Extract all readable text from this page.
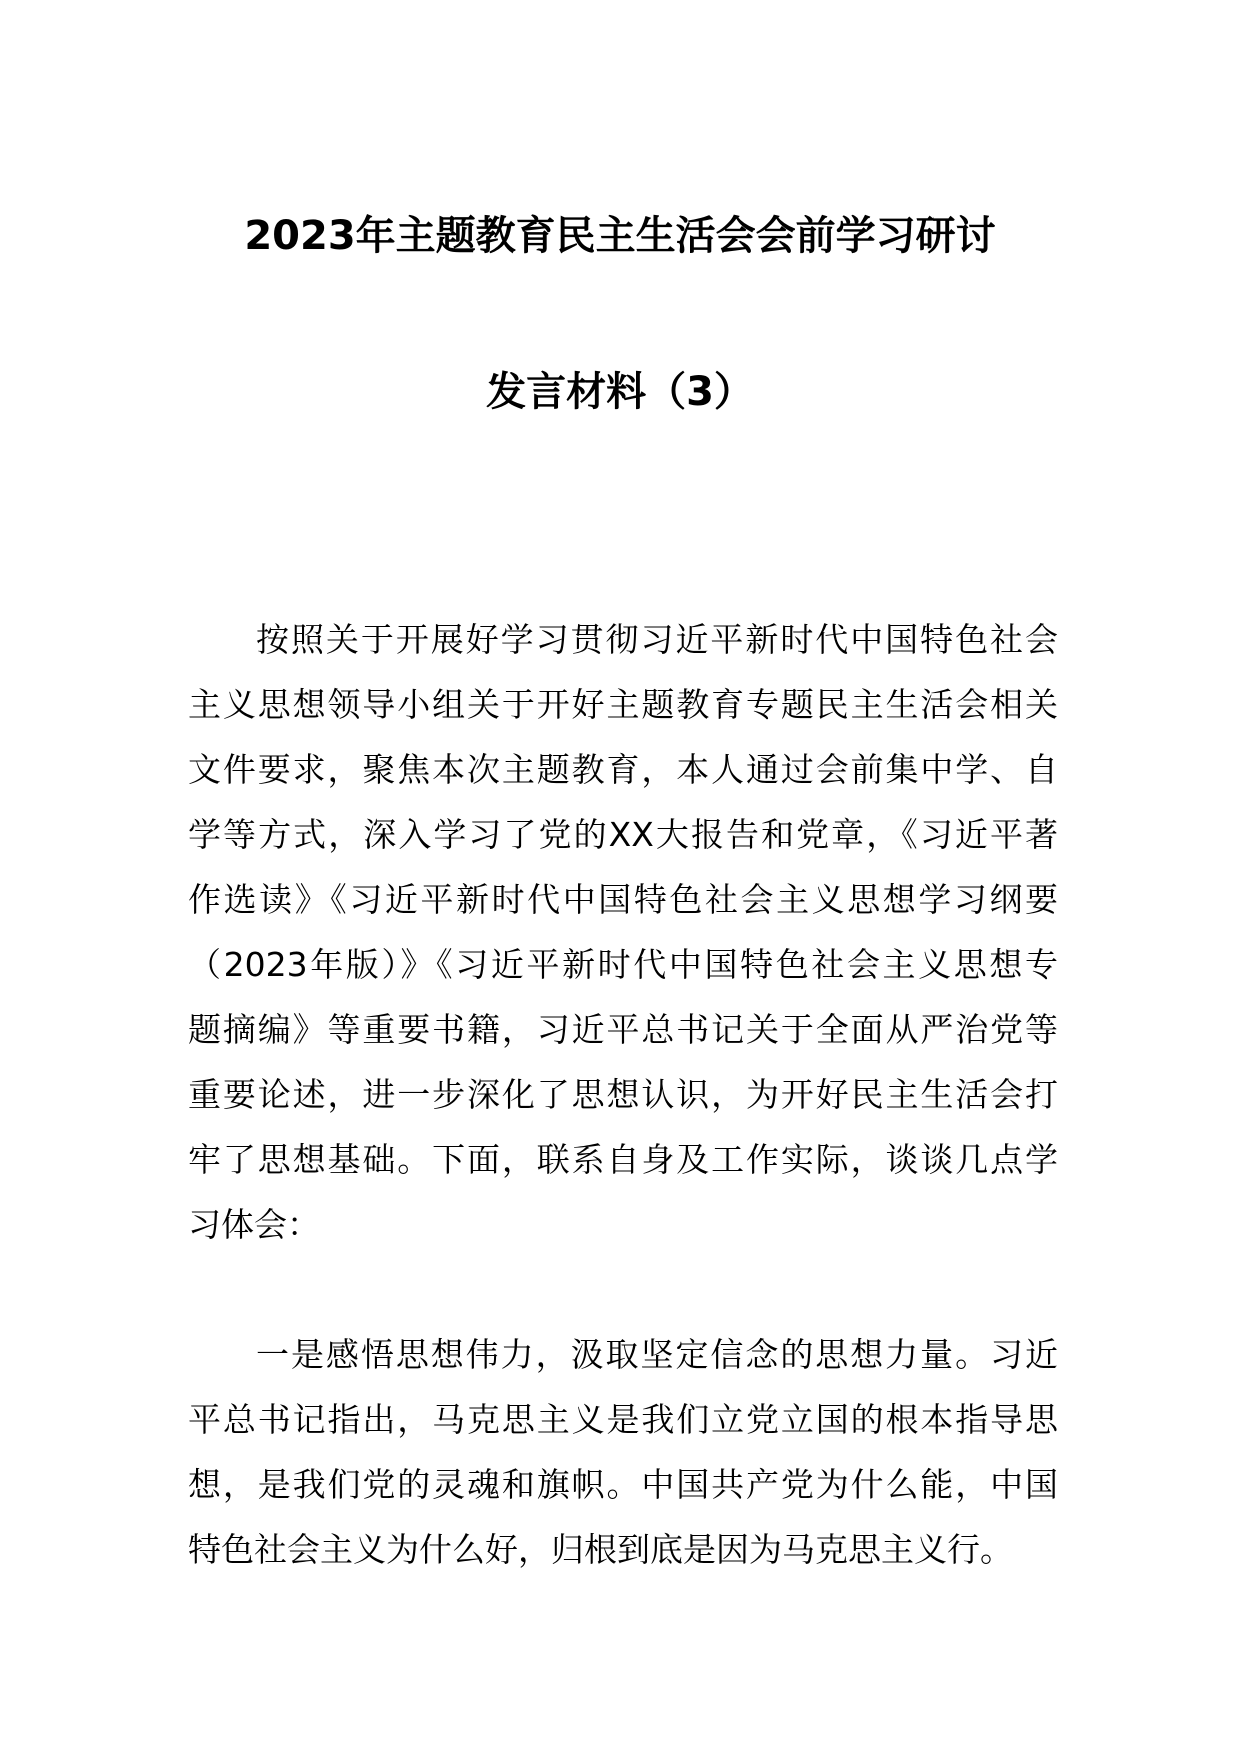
2023年主题教育民主生活会会前学习研讨
发言材料（3）
按照关于开展好学习贯彻习近平新时代中国特色社会
主义思想领导小组关于开好主题教育专题民主生活会相关
文件要求，聚焦本次主题教育，本人通过会前集中学、自
学等方式，深入学习了党的XX大报告和党章，《习近平著
作选读》《习近平新时代中国特色社会主义思想学习纲要
（2023年版）》《习近平新时代中国特色社会主义思想专
题摘编》等重要书籍，习近平总书记关于全面从严治党等
重要论述，进一步深化了思想认识，为开好民主生活会打
牢了思想基础。下面，联系自身及工作实际，谈谈几点学
习体会：
一是感悟思想伟力，汲取坚定信念的思想力量。习近
平总书记指出，马克思主义是我们立党立国的根本指导思
想，是我们党的灵魂和旗帜。中国共产党为什么能，中国
特色社会主义为什么好，归根到底是因为马克思主义行。
